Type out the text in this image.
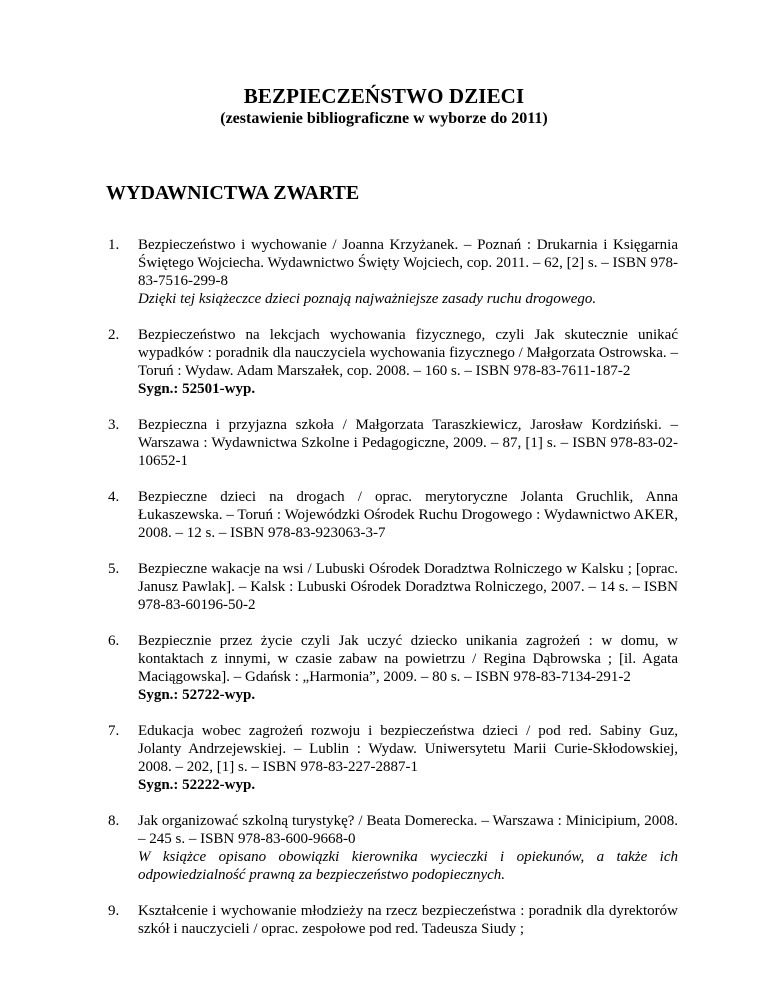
BEZPIECZEŃSTWO DZIECI
(zestawienie bibliograficzne w wyborze do 2011)
WYDAWNICTWA ZWARTE
1.	Bezpieczeństwo i wychowanie / Joanna Krzyżanek. – Poznań : Drukarnia i Księgarnia Świętego Wojciecha. Wydawnictwo Święty Wojciech, cop. 2011. – 62, [2] s. – ISBN 978-83-7516-299-8
Dzięki tej książeczce dzieci poznają najważniejsze zasady ruchu drogowego.
2.	Bezpieczeństwo na lekcjach wychowania fizycznego, czyli Jak skutecznie unikać wypadków : poradnik dla nauczyciela wychowania fizycznego / Małgorzata Ostrowska. – Toruń : Wydaw. Adam Marszałek, cop. 2008. – 160 s. – ISBN 978-83-7611-187-2
Sygn.: 52501-wyp.
3.	Bezpieczna i przyjazna szkoła / Małgorzata Taraszkiewicz, Jarosław Kordziński. – Warszawa : Wydawnictwa Szkolne i Pedagogiczne, 2009. – 87, [1] s. – ISBN 978-83-02-10652-1
4.	Bezpieczne dzieci na drogach / oprac. merytoryczne Jolanta Gruchlik, Anna Łukaszewska. – Toruń : Wojewódzki Ośrodek Ruchu Drogowego : Wydawnictwo AKER, 2008. – 12 s. – ISBN 978-83-923063-3-7
5.	Bezpieczne wakacje na wsi / Lubuski Ośrodek Doradztwa Rolniczego w Kalsku ; [oprac. Janusz Pawlak]. – Kalsk : Lubuski Ośrodek Doradztwa Rolniczego, 2007. – 14 s. – ISBN 978-83-60196-50-2
6.	Bezpiecznie przez życie czyli Jak uczyć dziecko unikania zagrożeń : w domu, w kontaktach z innymi, w czasie zabaw na powietrzu / Regina Dąbrowska ; [il. Agata Maciągowska]. – Gdańsk : „Harmonia”, 2009. – 80 s. – ISBN 978-83-7134-291-2
Sygn.: 52722-wyp.
7.	Edukacja wobec zagrożeń rozwoju i bezpieczeństwa dzieci / pod red. Sabiny Guz, Jolanty Andrzejewskiej. – Lublin : Wydaw. Uniwersytetu Marii Curie-Skłodowskiej, 2008. – 202, [1] s. – ISBN 978-83-227-2887-1
Sygn.: 52222-wyp.
8.	Jak organizować szkolną turystykę? / Beata Domerecka. – Warszawa : Minicipium, 2008. – 245 s. – ISBN 978-83-600-9668-0
W książce opisano obowiązki kierownika wycieczki i opiekunów, a także ich odpowiedzialność prawną za bezpieczeństwo podopiecznych.
9.	Kształcenie i wychowanie młodzieży na rzecz bezpieczeństwa : poradnik dla dyrektorów szkół i nauczycieli / oprac. zespołowe pod red. Tadeusza Siudy ;
